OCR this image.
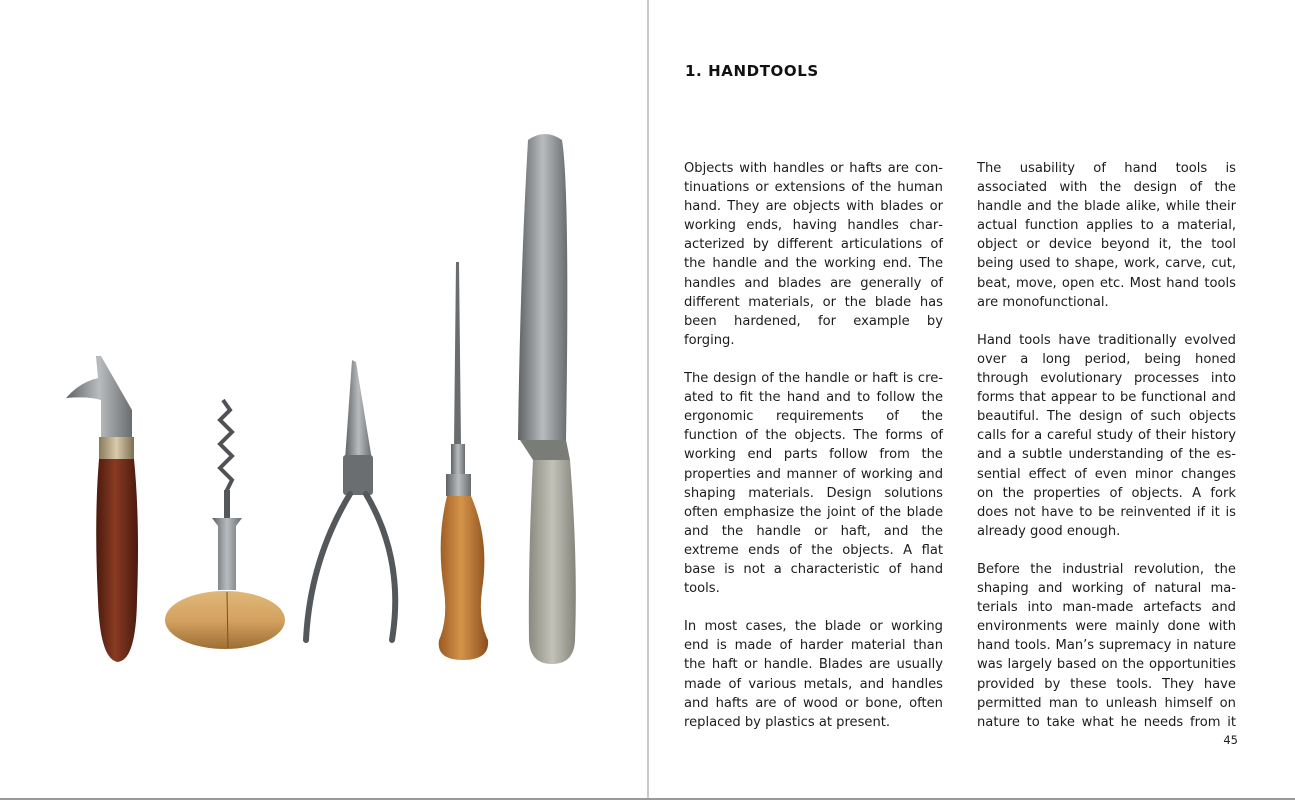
1. HANDTOOLS

Objects with handles or hafts are continuations or extensions of the human hand. They are objects with blades or working ends, having handles characterized by different articulations of the handle and the working end. The handles and blades are generally of different materials, or the blade has been hardened, for example by forging.

The design of the handle or haft is created to fit the hand and to follow the ergonomic requirements of the function of the objects. The forms of working end parts follow from the properties and manner of working and shaping materials. Design solutions often emphasize the joint of the blade and the handle or haft, and the extreme ends of the objects. A flat base is not a characteristic of hand tools.

In most cases, the blade or working end is made of harder material than the haft or handle. Blades are usually made of various metals, and handles and hafts are of wood or bone, often replaced by plastics at present.

The usability of hand tools is associated with the design of the handle and the blade alike, while their actual function applies to a material, object or device beyond it, the tool being used to shape, work, carve, cut, beat, move, open etc. Most hand tools are monofunctional.

Hand tools have traditionally evolved over a long period, being honed through evolutionary processes into forms that appear to be functional and beautiful. The design of such objects calls for a careful study of their history and a subtle understanding of the essential effect of even minor changes on the properties of objects. A fork does not have to be reinvented if it is already good enough.

Before the industrial revolution, the shaping and working of natural materials into man-made artefacts and environments were mainly done with hand tools. Man’s supremacy in nature was largely based on the opportunities provided by these tools. They have permitted man to unleash himself on nature to take what he needs from it

45
